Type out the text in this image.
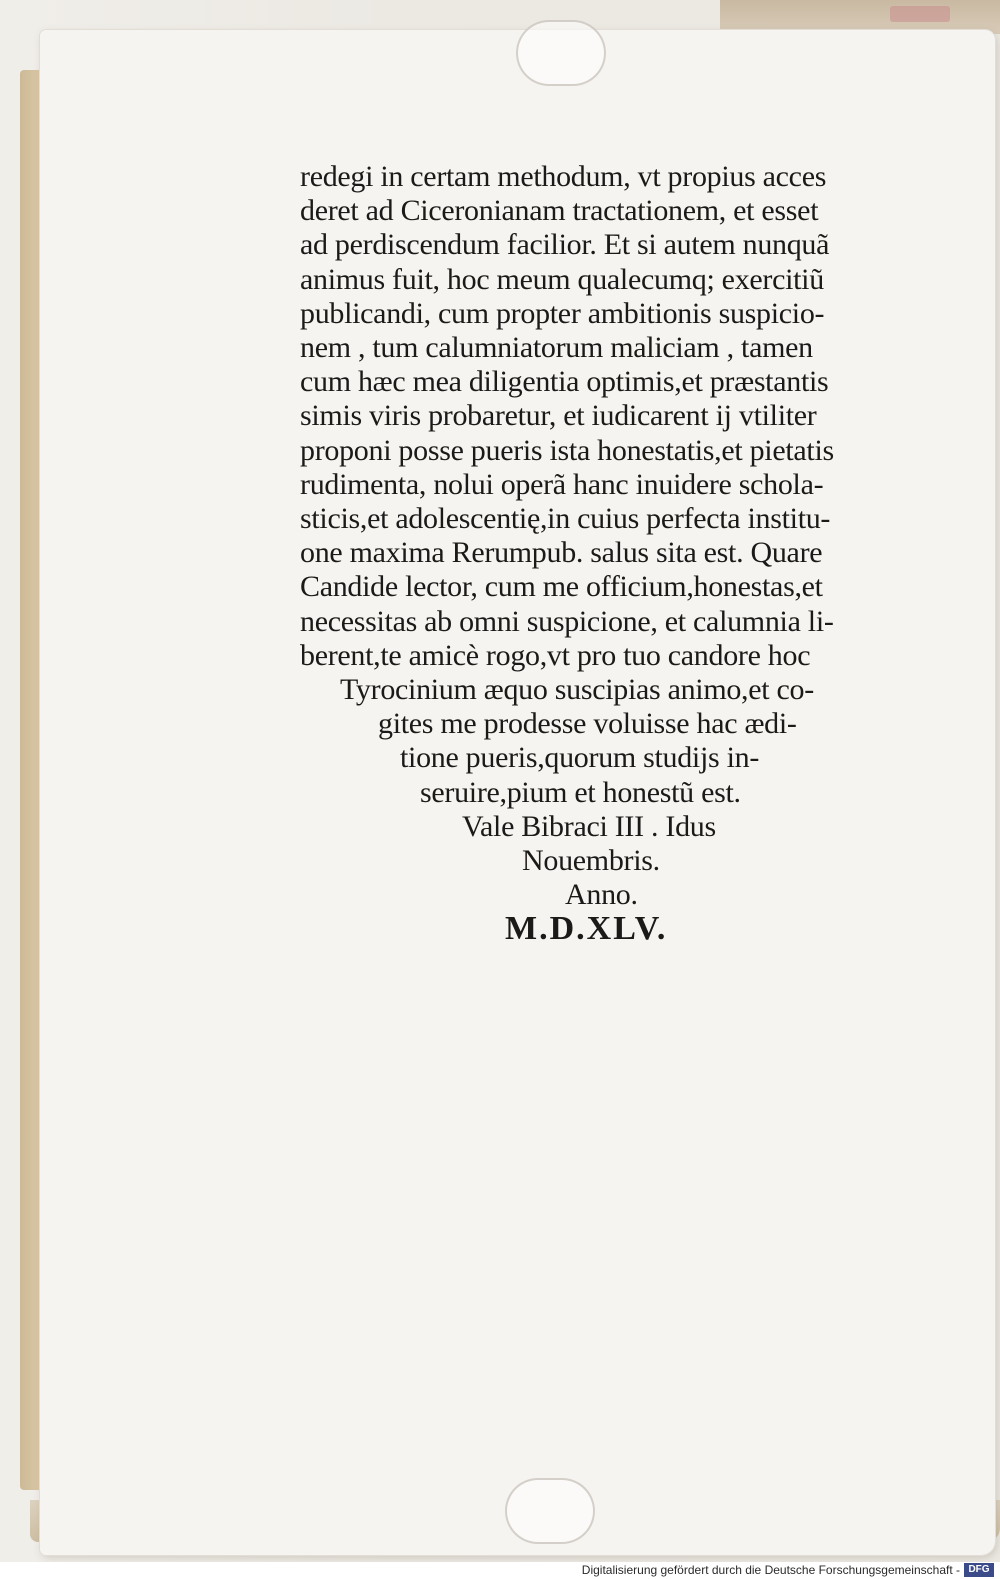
redegi in certam methodum, vt propius acces
deret ad Ciceronianam tractationem, et esset
ad perdiscendum facilior. Et si autem nunquã
animus fuit, hoc meum qualecumq; exercitiũ
publicandi, cum propter ambitionis suspicio-
nem , tum calumniatorum maliciam , tamen
cum hæc mea diligentia optimis,et præstantis
simis viris probaretur, et iudicarent ij vtiliter
proponi posse pueris ista honestatis,et pietatis
rudimenta, nolui operã hanc inuidere schola-
sticis,et adolescentię,in cuius perfecta institu-
one maxima Rerumpub. salus sita est. Quare
Candide lector, cum me officium,honestas,et
necessitas ab omni suspicione, et calumnia li-
berent,te amicè rogo,vt pro tuo candore hoc
Tyrocinium æquo suscipias animo,et co-
gites me prodesse voluisse hac ædi-
tione pueris,quorum studijs in-
seruire,pium et honestũ est.
Vale Bibraci III . Idus
Nouembris.
Anno.
M.D.XLV.
Digitalisierung gefördert durch die Deutsche Forschungsgemeinschaft - DFG
